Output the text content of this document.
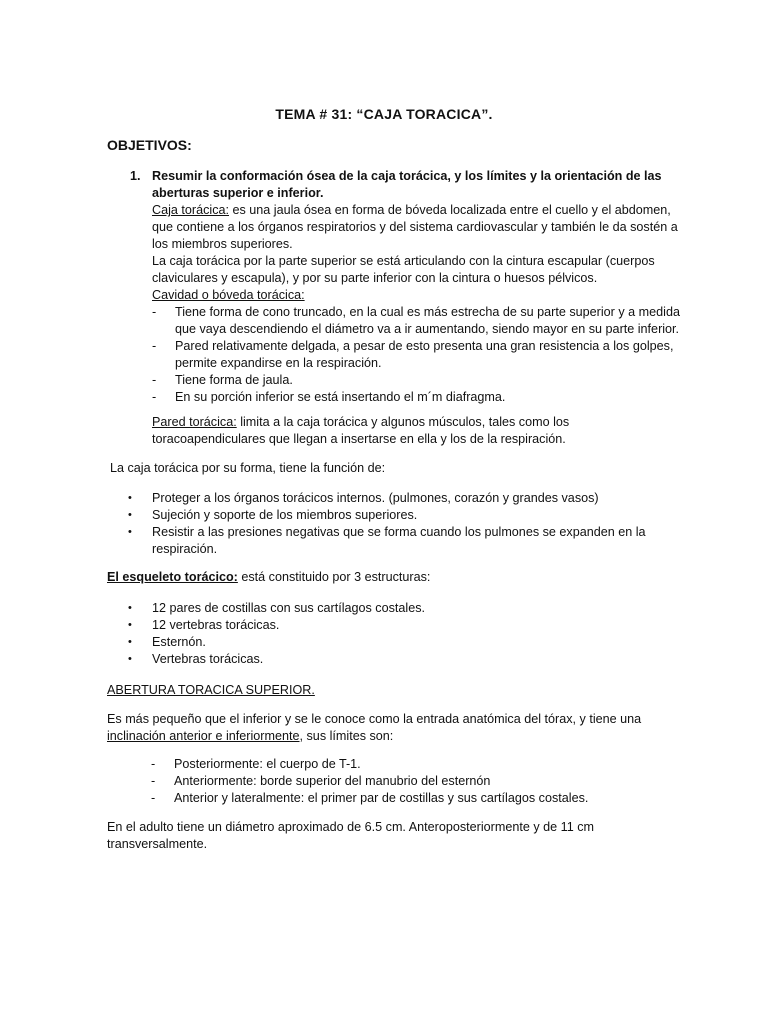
TEMA # 31: “CAJA TORACICA”.
OBJETIVOS:
1. Resumir la conformación ósea de la caja torácica, y los límites y la orientación de las
aberturas superior e inferior.
Caja torácica: es una jaula ósea en forma de bóveda localizada entre el cuello y el abdomen,
que contiene a los órganos respiratorios y del sistema cardiovascular y también le da sostén a
los miembros superiores.
La caja torácica por la parte superior se está articulando con la cintura escapular (cuerpos
claviculares y escapula), y por su parte inferior con la cintura o huesos pélvicos.
Cavidad o bóveda torácica:
- Tiene forma de cono truncado, en la cual es más estrecha de su parte superior y a medida
que vaya descendiendo el diámetro va a ir aumentando, siendo mayor en su parte inferior.
- Pared relativamente delgada, a pesar de esto presenta una gran resistencia a los golpes,
permite expandirse en la respiración.
- Tiene forma de jaula.
- En su porción inferior se está insertando el m´m diafragma.
Pared torácica: limita a la caja torácica y algunos músculos, tales como los
toracoapendiculares que llegan a insertarse en ella y los de la respiración.
La caja torácica por su forma, tiene la función de:
• Proteger a los órganos torácicos internos. (pulmones, corazón y grandes vasos)
• Sujeción y soporte de los miembros superiores.
• Resistir a las presiones negativas que se forma cuando los pulmones se expanden en la
respiración.
El esqueleto torácico: está constituido por 3 estructuras:
• 12 pares de costillas con sus cartílagos costales.
• 12 vertebras torácicas.
• Esternón.
• Vertebras torácicas.
ABERTURA TORACICA SUPERIOR.
Es más pequeño que el inferior y se le conoce como la entrada anatómica del tórax, y tiene una
inclinación anterior e inferiormente, sus límites son:
- Posteriormente: el cuerpo de T-1.
- Anteriormente: borde superior del manubrio del esternón
- Anterior y lateralmente: el primer par de costillas y sus cartílagos costales.
En el adulto tiene un diámetro aproximado de 6.5 cm. Anteroposteriormente y de 11 cm
transversalmente.
